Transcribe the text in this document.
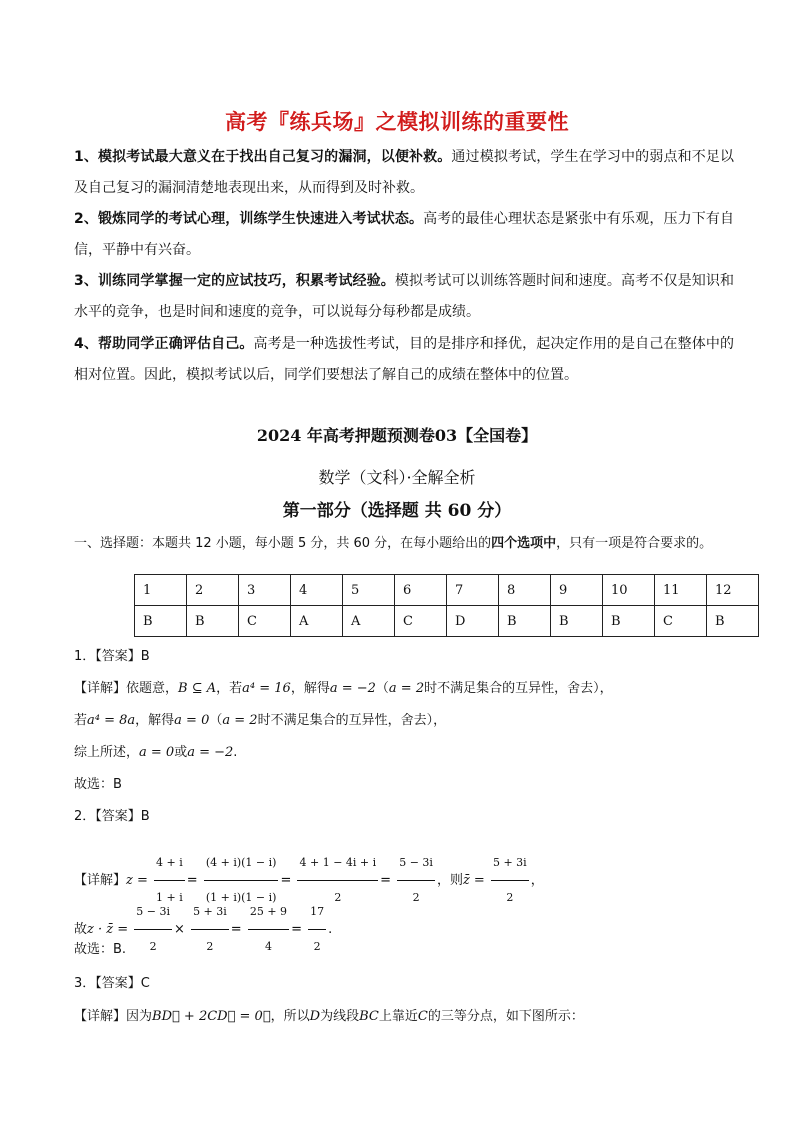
高考『练兵场』之模拟训练的重要性
1、模拟考试最大意义在于找出自己复习的漏洞，以便补救。通过模拟考试，学生在学习中的弱点和不足以及自己复习的漏洞清楚地表现出来，从而得到及时补救。
2、锻炼同学的考试心理，训练学生快速进入考试状态。高考的最佳心理状态是紧张中有乐观，压力下有自信，平静中有兴奋。
3、训练同学掌握一定的应试技巧，积累考试经验。模拟考试可以训练答题时间和速度。高考不仅是知识和水平的竞争，也是时间和速度的竞争，可以说每分每秒都是成绩。
4、帮助同学正确评估自己。高考是一种选拔性考试，目的是排序和择优，起决定作用的是自己在整体中的相对位置。因此，模拟考试以后，同学们要想法了解自己的成绩在整体中的位置。
2024 年高考押题预测卷03【全国卷】
数学（文科）·全解全析
第一部分（选择题 共 60 分）
一、选择题：本题共 12 小题，每小题 5 分，共 60 分，在每小题给出的四个选项中，只有一项是符合要求的。
1	2	3	4	5	6	7	8	9	10	11	12
B	B	C	A	A	C	D	B	B	B	C	B
1．【答案】B
【详解】依题意，B ⊆ A，若a⁴ = 16，解得a = −2（a = 2时不满足集合的互异性，舍去），
若a⁴ = 8a，解得a = 0（a = 2时不满足集合的互异性，舍去），
综上所述，a = 0或a = −2.
故选：B
2．【答案】B
【详解】$z = \frac{4 + i}{1 + i} = \frac{(4 + i)(1 - i)}{(1 + i)(1 - i)} = \frac{4 + 1 - 4i + i}{2} = \frac{5 - 3i}{2}$ ，则z̄ = $\frac{5 + 3i}{2}$ ，
故z · z̄ = $\frac{5 - 3i}{2} \times \frac{5 + 3i}{2} = \frac{25 + 9}{4} = \frac{17}{2}$ .
故选：B.
3．【答案】C
【详解】因为BD⃗ + 2CD⃗ = 0⃗，所以D为线段BC上靠近C的三等分点，如下图所示：
